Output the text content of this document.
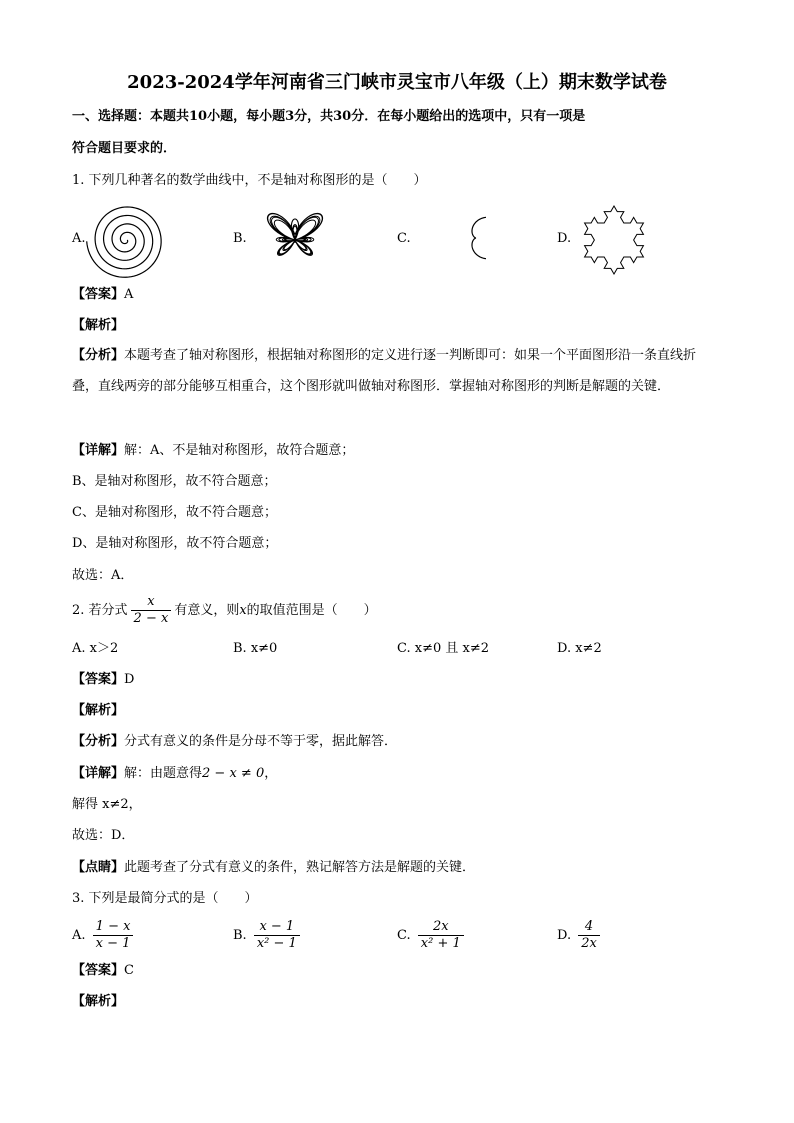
2023-2024学年河南省三门峡市灵宝市八年级（上）期末数学试卷
一、选择题：本题共10小题，每小题3分，共30分．在每小题给出的选项中，只有一项是
符合题目要求的．
1. 下列几种著名的数学曲线中，不是轴对称图形的是（　　）
A.	B.	C.	D.
【答案】A
【解析】
【分析】本题考查了轴对称图形，根据轴对称图形的定义进行逐一判断即可：如果一个平面图形沿一条直线折叠，直线两旁的部分能够互相重合，这个图形就叫做轴对称图形．掌握轴对称图形的判断是解题的关键．
【详解】解：A、不是轴对称图形，故符合题意；
B、是轴对称图形，故不符合题意；
C、是轴对称图形，故不符合题意；
D、是轴对称图形，故不符合题意；
故选：A．
2. 若分式 $\frac{x}{2 - x}$ 有意义，则x的取值范围是（　　）
A. x＞2	B. x≠0	C. x≠0 且 x≠2	D. x≠2
【答案】D
【解析】
【分析】分式有意义的条件是分母不等于零，据此解答．
【详解】解：由题意得2 − x ≠ 0，
解得 x≠2，
故选：D．
【点睛】此题考查了分式有意义的条件，熟记解答方法是解题的关键．
3. 下列是最简分式的是（　　）
A. $\frac{1 - x}{x - 1}$	B. $\frac{x - 1}{\text{x² − 1}}$	C. $\frac{2x}{\text{x² + 1}}$	D. $\frac{4}{2x}$
【答案】C
【解析】
